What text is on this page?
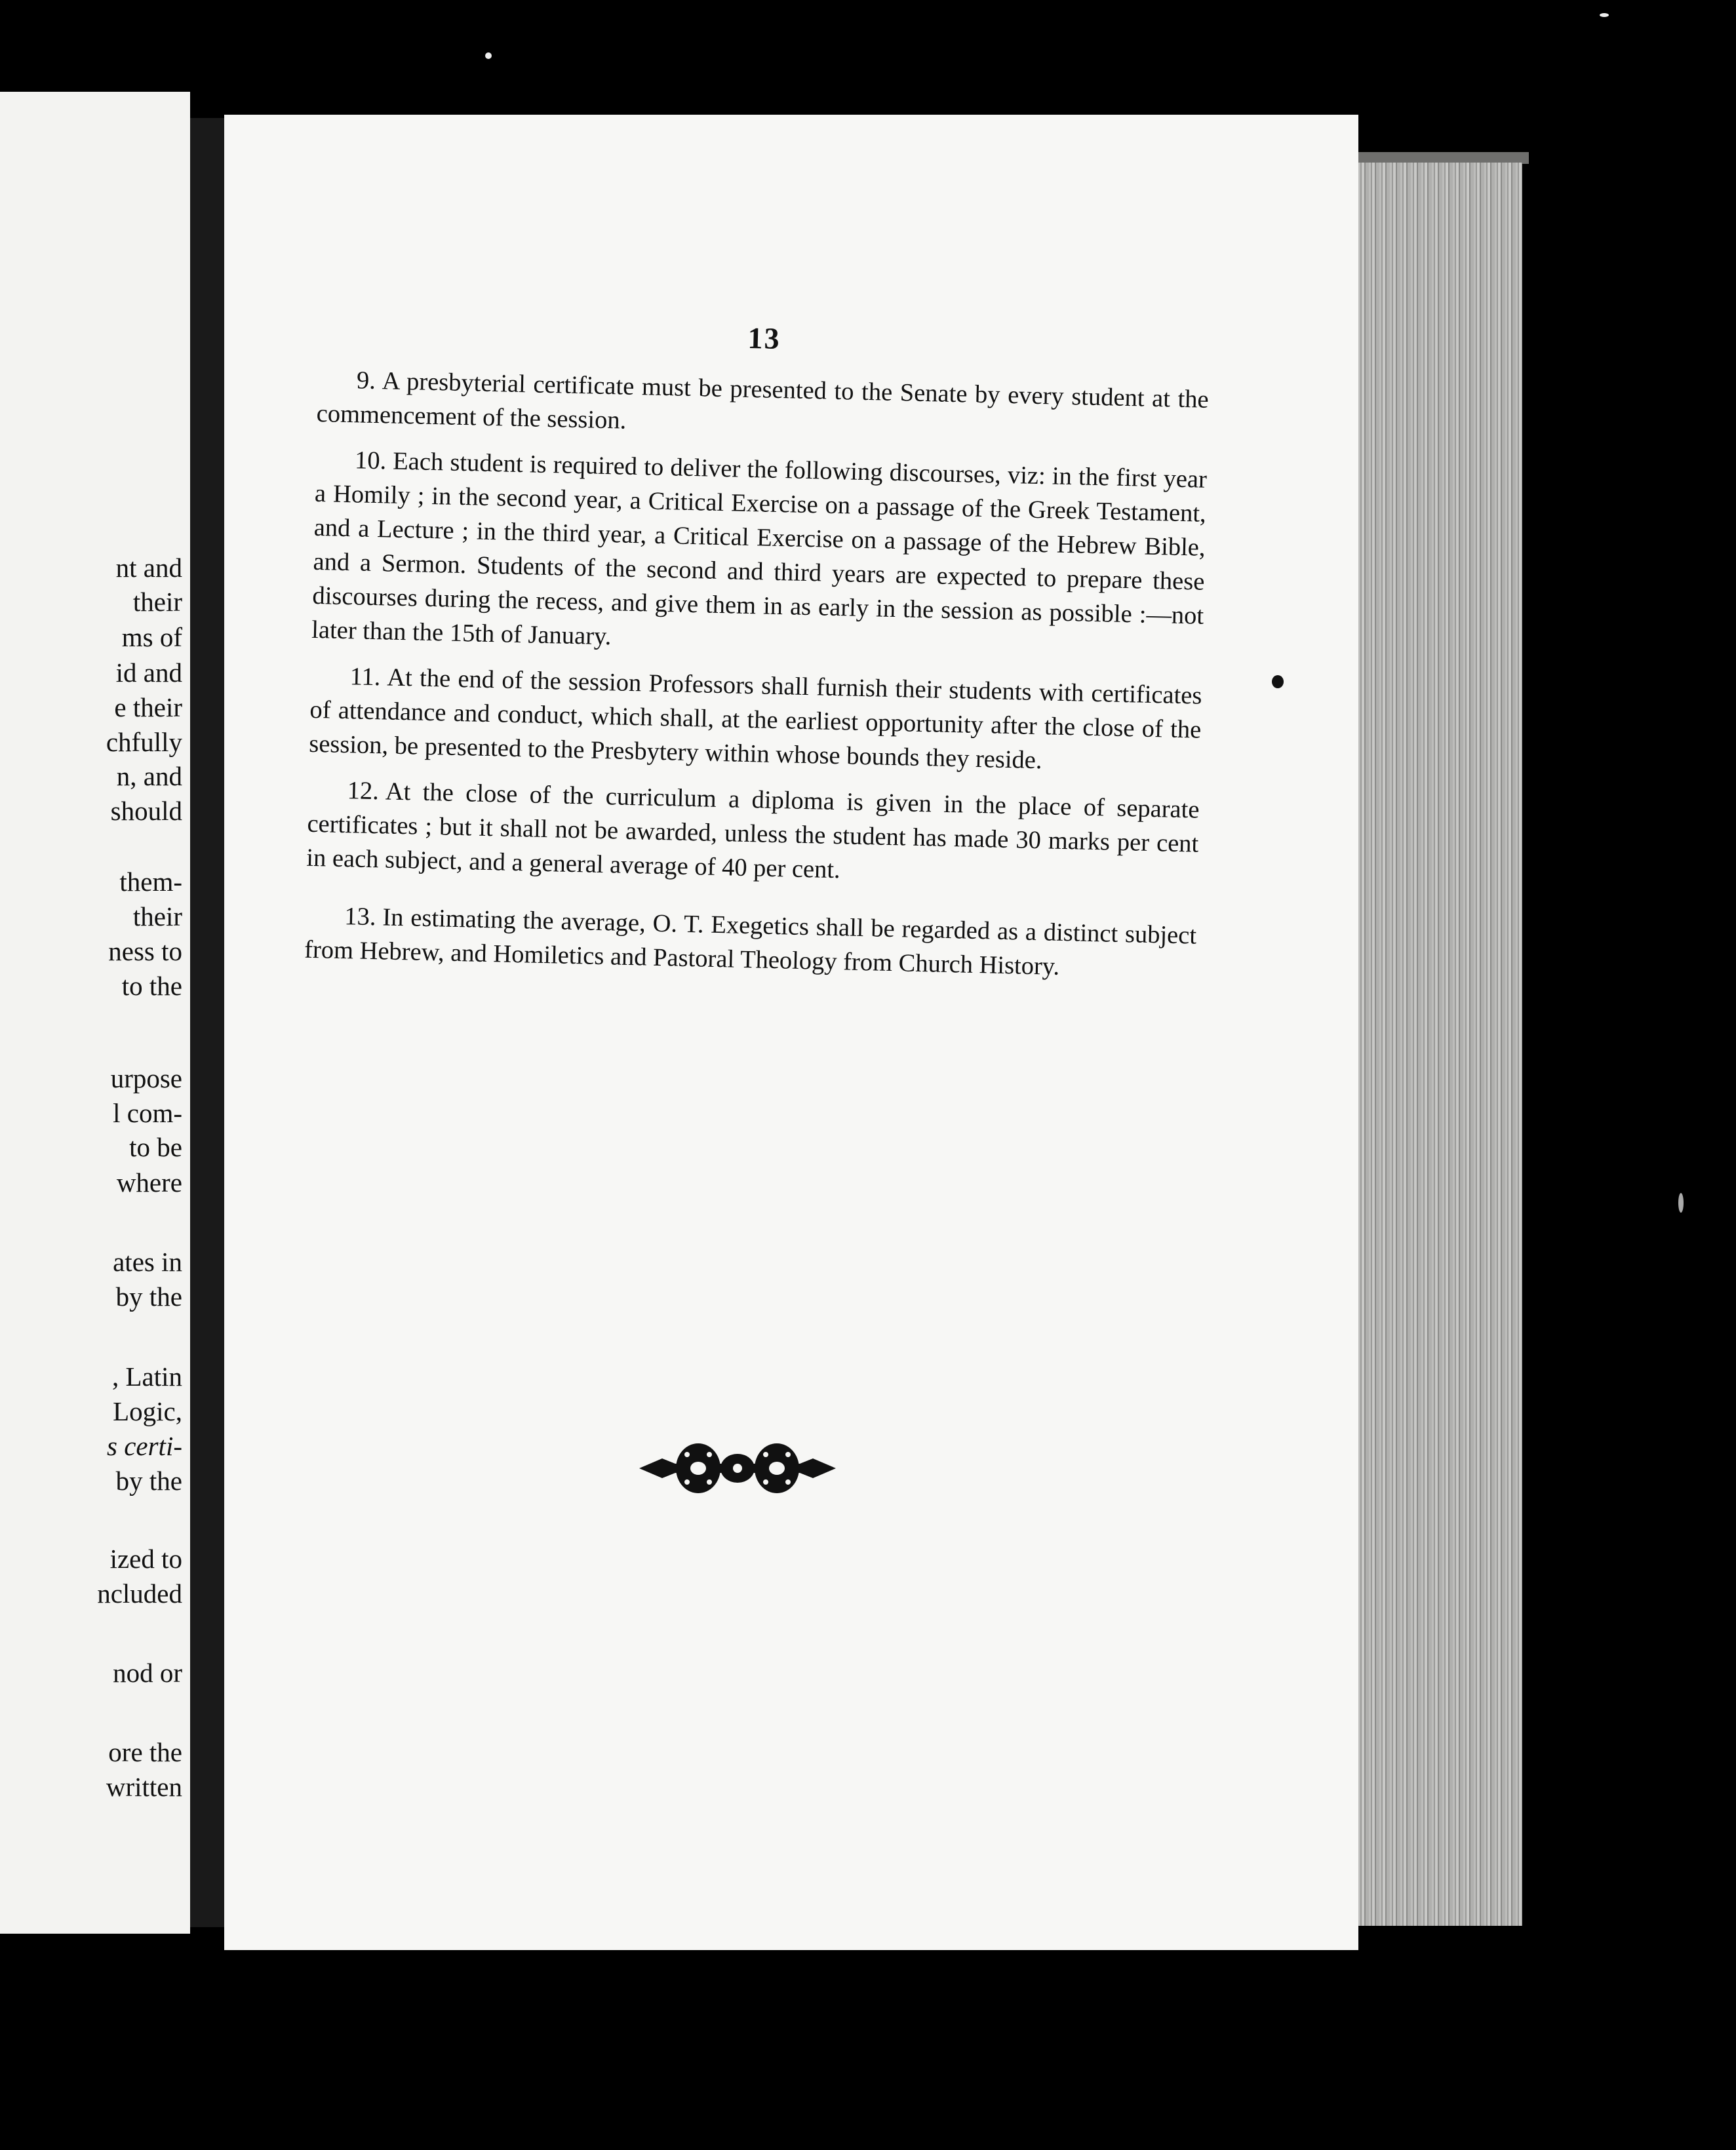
nt and

their

ms of

id and

e their

chfully

n, and

should

them-

their

ness to

to the

urpose

l com-

to be

where

ates in

by the

, Latin

Logic,

s certi-

by the

ized to

ncluded

nod or

ore the

written

13

9. A presbyterial certificate must be presented to the Senate by every student at the commencement of the session.

10. Each student is required to deliver the following discourses, viz: in the first year a Homily ; in the second year, a Critical Exercise on a passage of the Greek Testament, and a Lecture ; in the third year, a Critical Exercise on a passage of the Hebrew Bible, and a Sermon. Students of the second and third years are expected to prepare these discourses during the recess, and give them in as early in the session as possible :—not later than the 15th of January.

11. At the end of the session Professors shall furnish their students with certificates of attendance and conduct, which shall, at the earliest opportunity after the close of the session, be presented to the Presbytery within whose bounds they reside.

12. At the close of the curriculum a diploma is given in the place of separate certificates ; but it shall not be awarded, unless the student has made 30 marks per cent in each subject, and a general average of 40 per cent.

13. In estimating the average, O. T. Exegetics shall be regarded as a distinct subject from Hebrew, and Homiletics and Pastoral Theology from Church History.
